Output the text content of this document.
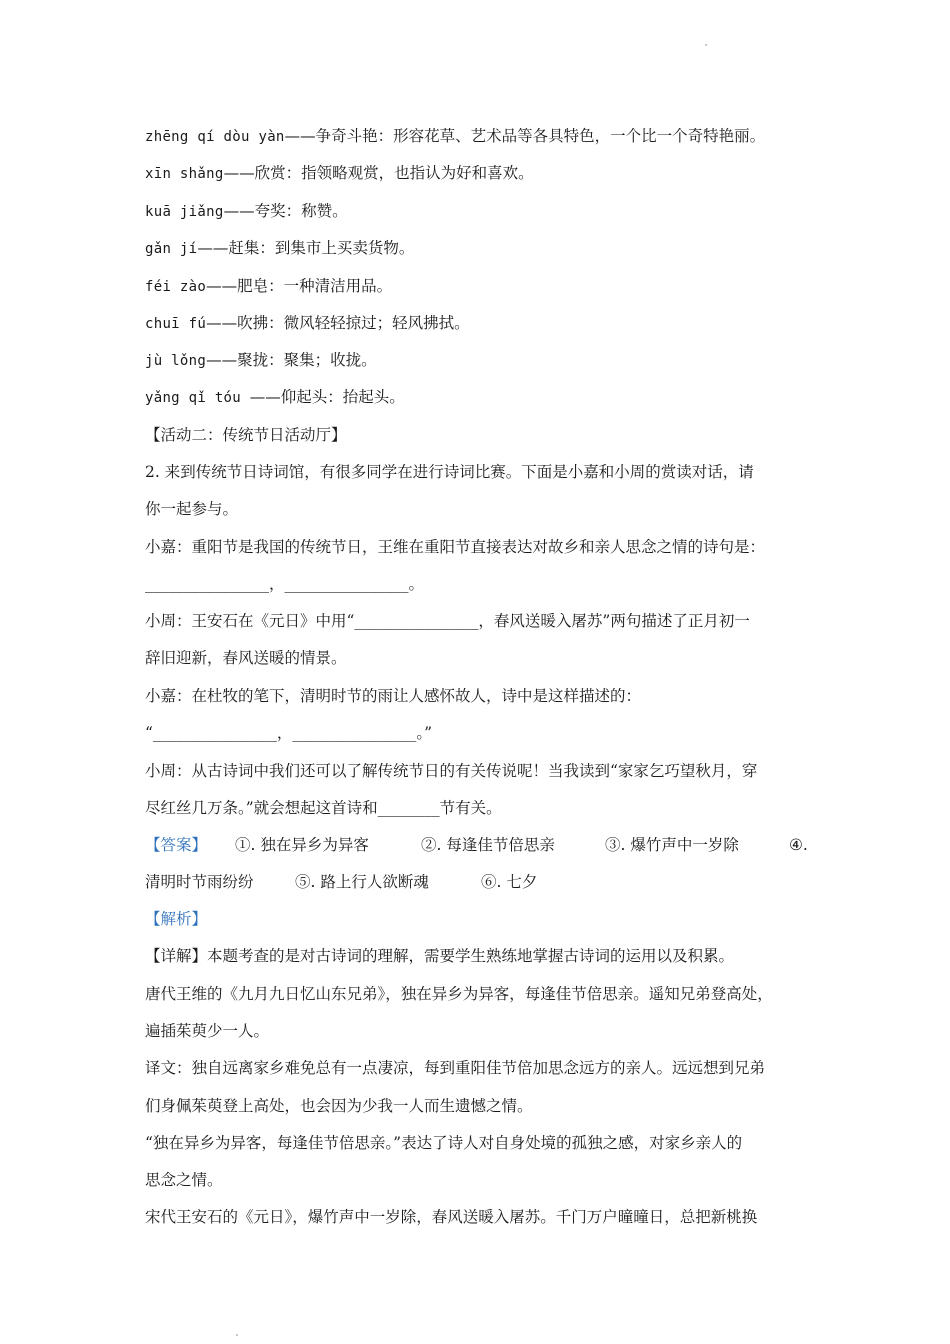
zhēng qí dòu yàn——争奇斗艳：形容花草、艺术品等各具特色，一个比一个奇特艳丽。
xīn shǎng——欣赏：指领略观赏，也指认为好和喜欢。
kuā jiǎng——夸奖：称赞。
gǎn jí——赶集：到集市上买卖货物。
féi zào——肥皂：一种清洁用品。
chuī fú——吹拂：微风轻轻掠过；轻风拂拭。
jù lǒng——聚拢：聚集；收拢。
yǎng qǐ tóu ——仰起头：抬起头。
【活动二：传统节日活动厅】
2. 来到传统节日诗词馆，有很多同学在进行诗词比赛。下面是小嘉和小周的赏读对话，请
你一起参与。
小嘉：重阳节是我国的传统节日，王维在重阳节直接表达对故乡和亲人思念之情的诗句是：
________________，________________。
小周：王安石在《元日》中用“________________，春风送暖入屠苏”两句描述了正月初一
辞旧迎新，春风送暖的情景。
小嘉：在杜牧的笔下，清明时节的雨让人感怀故人，诗中是这样描述的：
“________________，________________。”
小周：从古诗词中我们还可以了解传统节日的有关传说呢！当我读到“家家乞巧望秋月，穿
尽红丝几万条。”就会想起这首诗和________节有关。
【答案】 ①. 独在异乡为异客	②. 每逢佳节倍思亲	③. 爆竹声中一岁除	④.
清明时节雨纷纷	⑤. 路上行人欲断魂	⑥. 七夕
【解析】
【详解】本题考查的是对古诗词的理解，需要学生熟练地掌握古诗词的运用以及积累。
唐代王维的《九月九日忆山东兄弟》，独在异乡为异客，每逢佳节倍思亲。遥知兄弟登高处，
遍插茱萸少一人。
译文：独自远离家乡难免总有一点凄凉，每到重阳佳节倍加思念远方的亲人。远远想到兄弟
们身佩茱萸登上高处，也会因为少我一人而生遗憾之情。
“独在异乡为异客，每逢佳节倍思亲。”表达了诗人对自身处境的孤独之感，对家乡亲人的
思念之情。
宋代王安石的《元日》，爆竹声中一岁除，春风送暖入屠苏。千门万户曈曈日，总把新桃换
